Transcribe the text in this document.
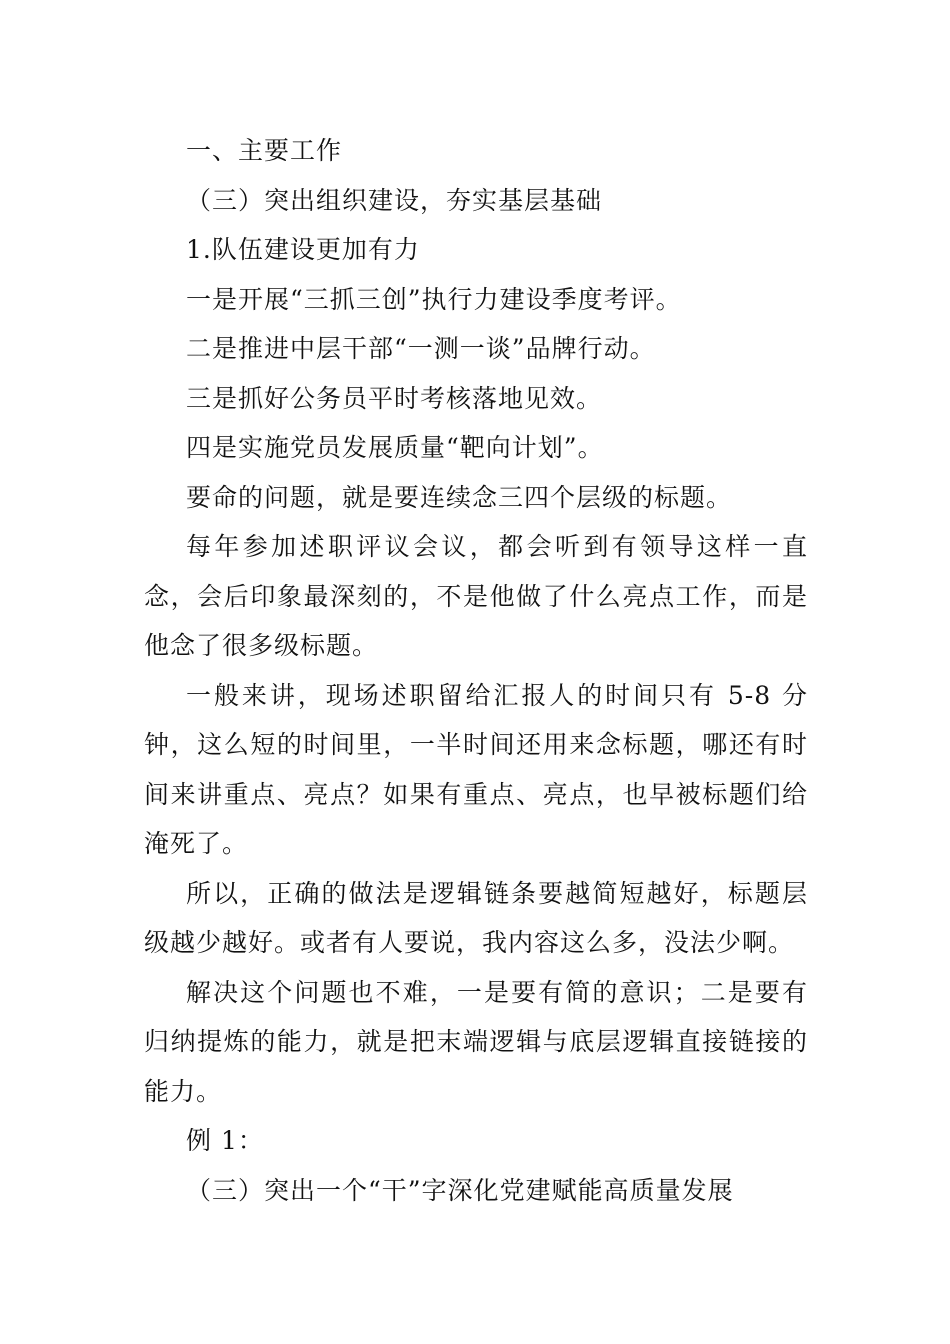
一、主要工作

（三）突出组织建设，夯实基层基础

1.队伍建设更加有力

一是开展“三抓三创”执行力建设季度考评。

二是推进中层干部“一测一谈”品牌行动。

三是抓好公务员平时考核落地见效。

四是实施党员发展质量“靶向计划”。

要命的问题，就是要连续念三四个层级的标题。

每年参加述职评议会议，都会听到有领导这样一直念，会后印象最深刻的，不是他做了什么亮点工作，而是他念了很多级标题。

一般来讲，现场述职留给汇报人的时间只有 5-8 分钟，这么短的时间里，一半时间还用来念标题，哪还有时间来讲重点、亮点？如果有重点、亮点，也早被标题们给淹死了。

所以，正确的做法是逻辑链条要越简短越好，标题层级越少越好。或者有人要说，我内容这么多，没法少啊。

解决这个问题也不难，一是要有简的意识；二是要有归纳提炼的能力，就是把末端逻辑与底层逻辑直接链接的能力。

例 1：

（三）突出一个“干”字深化党建赋能高质量发展
